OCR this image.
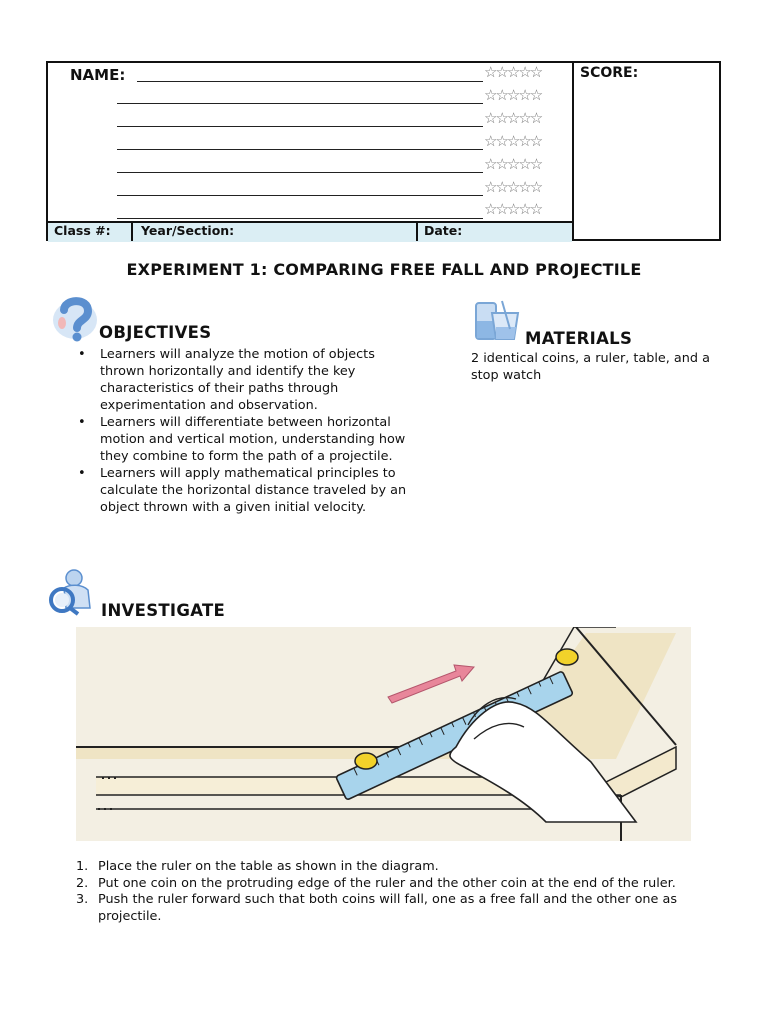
NAME:	SCORE:
☆☆☆☆☆
☆☆☆☆☆
☆☆☆☆☆
☆☆☆☆☆
☆☆☆☆☆
☆☆☆☆☆
☆☆☆☆☆
Class #: Year/Section:	Date:
EXPERIMENT 1: COMPARING FREE FALL AND PROJECTILE
OBJECTIVES
• Learners will analyze the motion of objects thrown horizontally and identify the key characteristics of their paths through experimentation and observation.
• Learners will differentiate between horizontal motion and vertical motion, understanding how they combine to form the path of a projectile.
• Learners will apply mathematical principles to calculate the horizontal distance traveled by an object thrown with a given initial velocity.
MATERIALS
2 identical coins, a ruler, table, and a stop watch
INVESTIGATE
1. Place the ruler on the table as shown in the diagram.
2. Put one coin on the protruding edge of the ruler and the other coin at the end of the ruler.
3. Push the ruler forward such that both coins will fall, one as a free fall and the other one as projectile.
